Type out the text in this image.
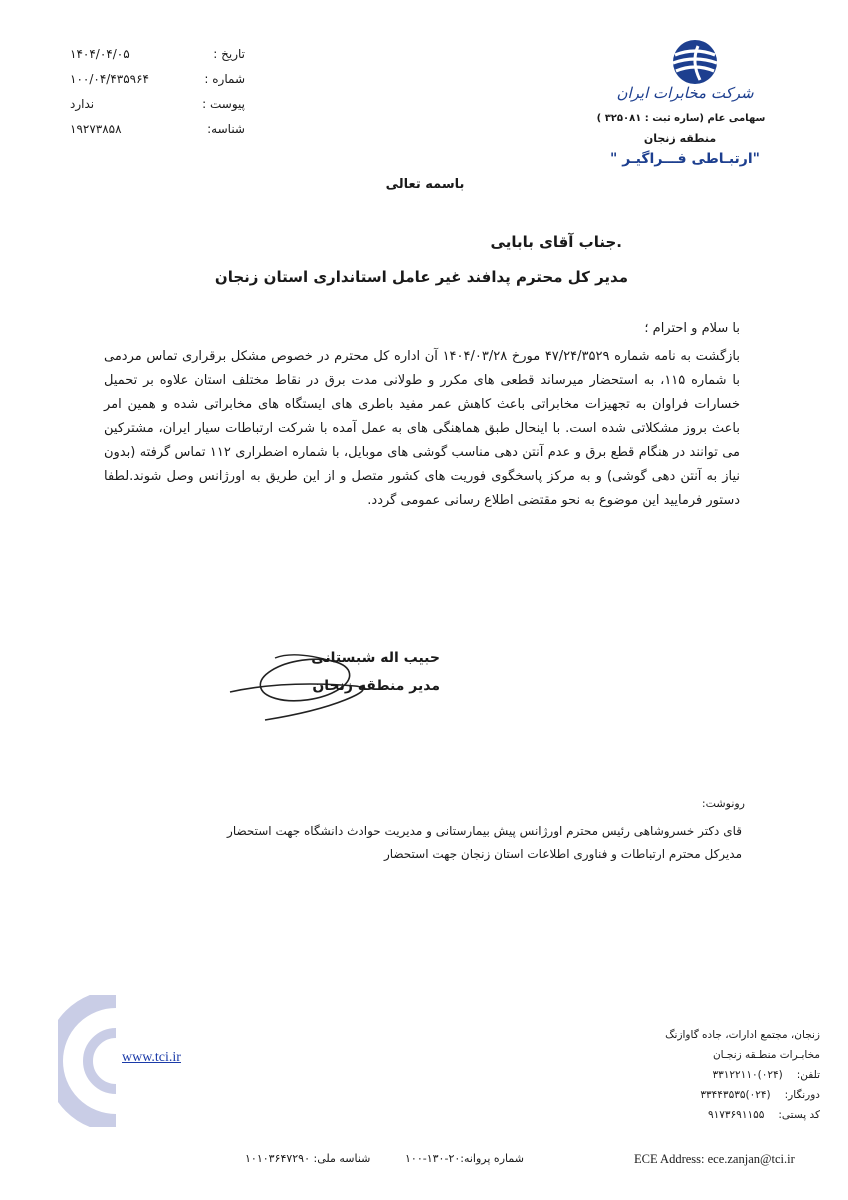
تاریخ :
۱۴۰۴/۰۴/۰۵
شماره :
۱۰۰/۰۴/۴۳۵۹۶۴
پیوست :
ندارد
شناسه:
۱۹۲۷۳۸۵۸
شرکت مخابرات ایران
سهامی عام (ساره ثبت : ۳۲۵۰۸۱ )
منطقه زنجان
" ارتبـاطی فـــراگیـر"
باسمه تعالی
.جناب آقای بابایی
مدیر کل محترم پدافند غیر عامل استانداری استان زنجان
با سلام و احترام ؛
بازگشت به نامه شماره ۴۷/۲۴/۳۵۲۹ مورخ ۱۴۰۴/۰۳/۲۸ آن اداره کل محترم در خصوص مشکل برقراری تماس مردمی با شماره ۱۱۵، به استحضار میرساند قطعی های مکرر و طولانی مدت برق در نقاط مختلف استان علاوه بر تحمیل خسارات فراوان به تجهیزات مخابراتی باعث کاهش عمر مفید باطری های ایستگاه های مخابراتی شده و همین امر باعث بروز مشکلاتی شده است. با اینحال طبق هماهنگی های به عمل آمده با شرکت ارتباطات سیار ایران، مشترکین می توانند در هنگام قطع برق و عدم آنتن دهی مناسب گوشی های موبایل، با شماره اضطراری ۱۱۲ تماس گرفته (بدون نیاز به آنتن دهی گوشی) و به مرکز پاسخگوی فوریت های کشور متصل و از این طریق به اورژانس وصل شوند.لطفا دستور فرمایید این موضوع به نحو مقتضی اطلاع رسانی عمومی گردد.
حبیب اله شبستانی
مدیر منطقه زنجان
رونوشت:
قای دکتر خسروشاهی رئیس محترم اورژانس پیش بیمارستانی و مدیریت حوادث دانشگاه جهت استحضار
مدیرکل محترم ارتباطات و فناوری اطلاعات استان زنجان جهت استحضار
www.tci.ir
زنجان، مجتمع ادارات، جاده گاوازنگ
مخابـرات منطـقه زنجـان
تلفن:
(۰۲۴)۳۳۱۲۲۱۱۰
دورنگار:
(۰۲۴)۳۳۴۴۳۵۳۵
کد پستی:
۹۱۷۳۶۹۱۱۵۵
ECE Address: ece.zanjan@tci.ir
شماره پروانه:۲۰-۱۳۰-۱۰۰
شناسه ملی: ۱۰۱۰۳۶۴۷۲۹۰
